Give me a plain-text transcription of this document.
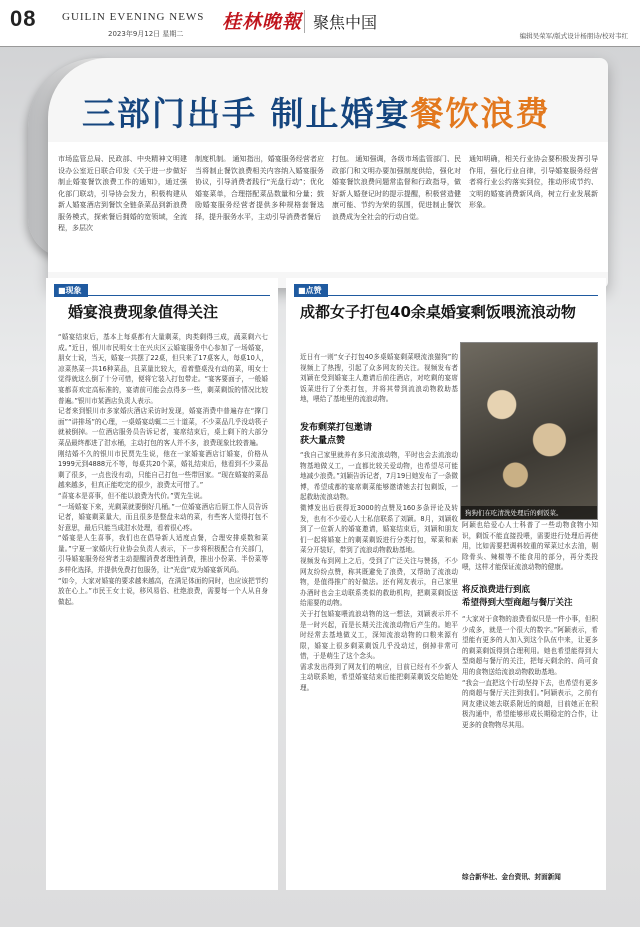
08 GUILIN EVENING NEWS
2023年9月12日 星期二
桂林晚報 聚焦中国
编辑吴荣军/版式设计杨朋诗/校对韦红
三部门出手 制止婚宴餐饮浪费
市场监管总局、民政部、中央精神文明建设办公室近日联合印发《关于进一步做好制止婚宴餐饮浪费工作的通知》，通过强化部门联动，引导协会发力，积极构建从新人婚宴酒店到餐饮全链条菜品到新浪费服务模式，探索餐后拥婚的宽领域，全流程，多层次
制度机制。 通知指出，婚宴服务经营者应当将制止餐饮浪费相关内容纳入婚宴服务协议，引导消费者践行“光盘行动”；优化婚宴菜单，合理搭配菜品数量和分量；鼓励婚宴服务经营者提供多种规格套餐选择，提升服务水平，主动引导消费者餐后
打包。 通知强调，各级市场监管部门、民政部门和文明办要加强制度供给，强化对婚宴餐饮浪费问题常监督和行政指导，做好新人婚登记时的提示提醒，积极营造健康可能、节约为荣的氛围，促进制止餐饮浪费成为全社会的行动自觉。
通知明确，相关行业协会要积极发挥引导作用，强化行业自律，引导婚宴服务经营者将行业公约落实到位，推动形成节约、文明的婚宴消费新风尚，树立行业发展新形象。
■现象
婚宴浪费现象值得关注
“婚宴结束后，基本上每桌都有大量剩菜，肉类剩得三成，蔬菜剩六七成。”近日，银川市民明女士在兴庆区云婚宴服务中心参加了一场婚宴，朋女士说，当天，婚宴一共摆了22桌，但只来了17桌客人，每桌10人，凉菜热菜一共16种菜品，且菜量比较大，看着整桌没有动的菜，明女士觉得就这么倒了十分可惜，便将它装入打包带走。“宴客要面子，一般婚宴都喜欢定高标准的，宴请前可能会点得多一些，剩菜剩饭的情况比较普遍。”银川市某酒店负责人表示。
记者来到银川市多家婚庆酒店采访时发现，婚宴消费中普遍存在“撑门面”“讲排场”的心理，一桌婚宴动辄二三十道菜，不少菜品几乎没动筷子就被倒掉。一位酒店服务员告诉记者，宴席结束后，桌上剩下的大部分菜品最终都进了泔水桶，主动打包的客人并不多，浪费现象比较普遍。
刚结婚不久的银川市民贾先生说，他在一家婚宴酒店订婚宴，价格从1999元到4888元不等，每桌共20个菜，婚礼结束后，他看到不少菜品剩了很多，一点也没有动，只能自己打包一些带回家。“现在婚宴的菜品越来越多，但真正能吃完的很少，浪费太可惜了。”
“喜宴本是喜事，但不能以浪费为代价。”贾先生说。
“一场婚宴下来，光剩菜就要倒好几桶。”一位婚宴酒店后厨工作人员告诉记者，婚宴剩菜量大，而且很多是整盘未动的菜，有些客人觉得打包不好意思，最后只能当成泔水处理，看着很心疼。
“婚宴是人生喜事，我们也在倡导新人适度点餐，合理安排桌数和菜量。”宁夏一家婚庆行业协会负责人表示，下一步将积极配合有关部门，引导婚宴服务经营者主动提醒消费者理性消费，推出小份菜、半份菜等多样化选择，并提供免费打包服务，让“光盘”成为婚宴新风尚。
“如今，大家对婚宴的要求越来越高，在满足体面的同时，也应该把节约放在心上。”市民王女士说，移风易俗、杜绝浪费，需要每一个人从自身做起。
■点赞
成都女子打包40余桌婚宴剩饭喂流浪动物
近日有一则“女子打包40多桌婚宴剩菜喂流浪猫狗”的视频上了热搜，引起了众多网友的关注。视频发布者刘颖在受到婚宴主人邀请后前往酒店，对吃剩的宴席饭菜进行了分类打包，并将其带到流浪动物救助基地，喂给了基地里的流浪动物。
发布剩菜打包邀请
获大量点赞
“我自己家里就养有多只流浪动物，平时也会去流浪动物基地做义工，一直都比较关爱动物，也希望尽可能地减少浪费。”刘颖告诉记者，7月19日她发布了一条微博，希望成都的宴席剩菜能够邀请她去打包剩饭，一起救助流浪动物。
微博发出后获得近3000的点赞及160多条评论及转发，也有不少爱心人士私信联系了刘颖。8月，刘颖收到了一位新人的婚宴邀请，婚宴结束后，刘颖和朋友们一起将婚宴上的剩菜剩饭进行分类打包，荤菜和素菜分开装好，带到了流浪动物救助基地。
视频发布到网上之后，受到了广泛关注与赞扬，不少网友纷纷点赞，称其既避免了浪费，又帮助了流浪动物，是值得推广的好做法。还有网友表示，自己家里办酒时也会主动联系类似的救助机构，把剩菜剩饭送给需要的动物。
关于打包婚宴喂流浪动物的这一想法，刘颖表示并不是一时兴起，而是长期关注流浪动物后产生的。她平时经常去基地做义工，深知流浪动物的口粮来源有限，婚宴上很多剩菜剩饭几乎没动过，倒掉非常可惜，于是萌生了这个念头。
需求发出得到了网友们的响应，目前已经有不少新人主动联系她，希望婚宴结束后能把剩菜剩饭交给她处理。
阿颖也给爱心人士科普了一些动物食物小知识，剩饭不能直接投喂，需要进行处理后再使用，比如需要把调料较重的荤菜过水去油，剔除骨头、辣椒等不能食用的部分，再分类投喂，这样才能保证流浪动物的健康。
将反浪费进行到底
希望得到大型商超与餐厅关注
“大家对于食物的浪费看似只是一件小事，但积少成多，就是一个很大的数字。”阿颖表示，希望能有更多的人加入到这个队伍中来，让更多的剩菜剩饭得到合理利用。她也希望能得到大型商超与餐厅的关注，把每天剩余的、尚可食用的食物送给流浪动物救助基地。
“我会一直把这个行动坚持下去，也希望有更多的商超与餐厅关注到我们。”阿颖表示，之前有网友建议她去联系附近的商超，目前她正在积极沟通中，希望能够形成长期稳定的合作，让更多的食物物尽其用。
综合新华社、金台资讯、封面新闻
狗狗们在吃清洗处理后的剩饭菜。
